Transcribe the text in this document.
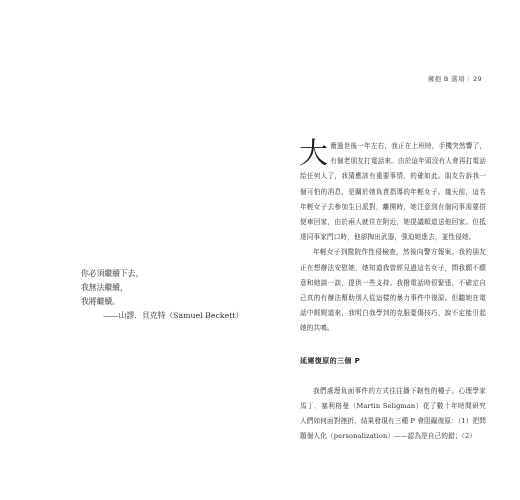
擁抱 B 選項 | 29
你必須繼續下去，
我無法繼續，
我將繼續。
——山謬．貝克特（Samuel Beckett）

大衛過世後一年左右，我正在上班時，手機突然響了，有個老朋友打電話來。由於這年頭沒有人會再打電話給任何人了，我猜應該有重要事情，的確如此。朋友告訴我一個可怕的消息，是關於她負責指導的年輕女子。幾天前，這名年輕女子去參加生日派對，離開時，她注意到有個同事需要搭便車回家，由於兩人就住在附近，她提議順道送他回家。但抵達同事家門口時，他卻掏出武器，強迫她進去，並性侵她。

年輕女子到醫院作性侵檢查，然後向警方報案。我的朋友正在想辦法安慰她，她知道我曾經見過這名女子，問我願不願意和她談一談，提供一些支持。我撥電話時很緊張，不確定自己真的有辦法幫助別人從這樣的暴力事件中復原。但聽她在電話中娓娓道來，我明白我學到的克服憂傷技巧，說不定能引起她的共鳴。

延遲復原的三個 P

我們處理負面事件的方式往往播下韌性的種子。心理學家馬丁．塞利格曼（Martin Seligman）花了數十年時間研究人們如何面對挫折，結果發現有三種 P 會阻礙復原：（1）把問題個人化（personalization）——認為是自己的錯；（2）
